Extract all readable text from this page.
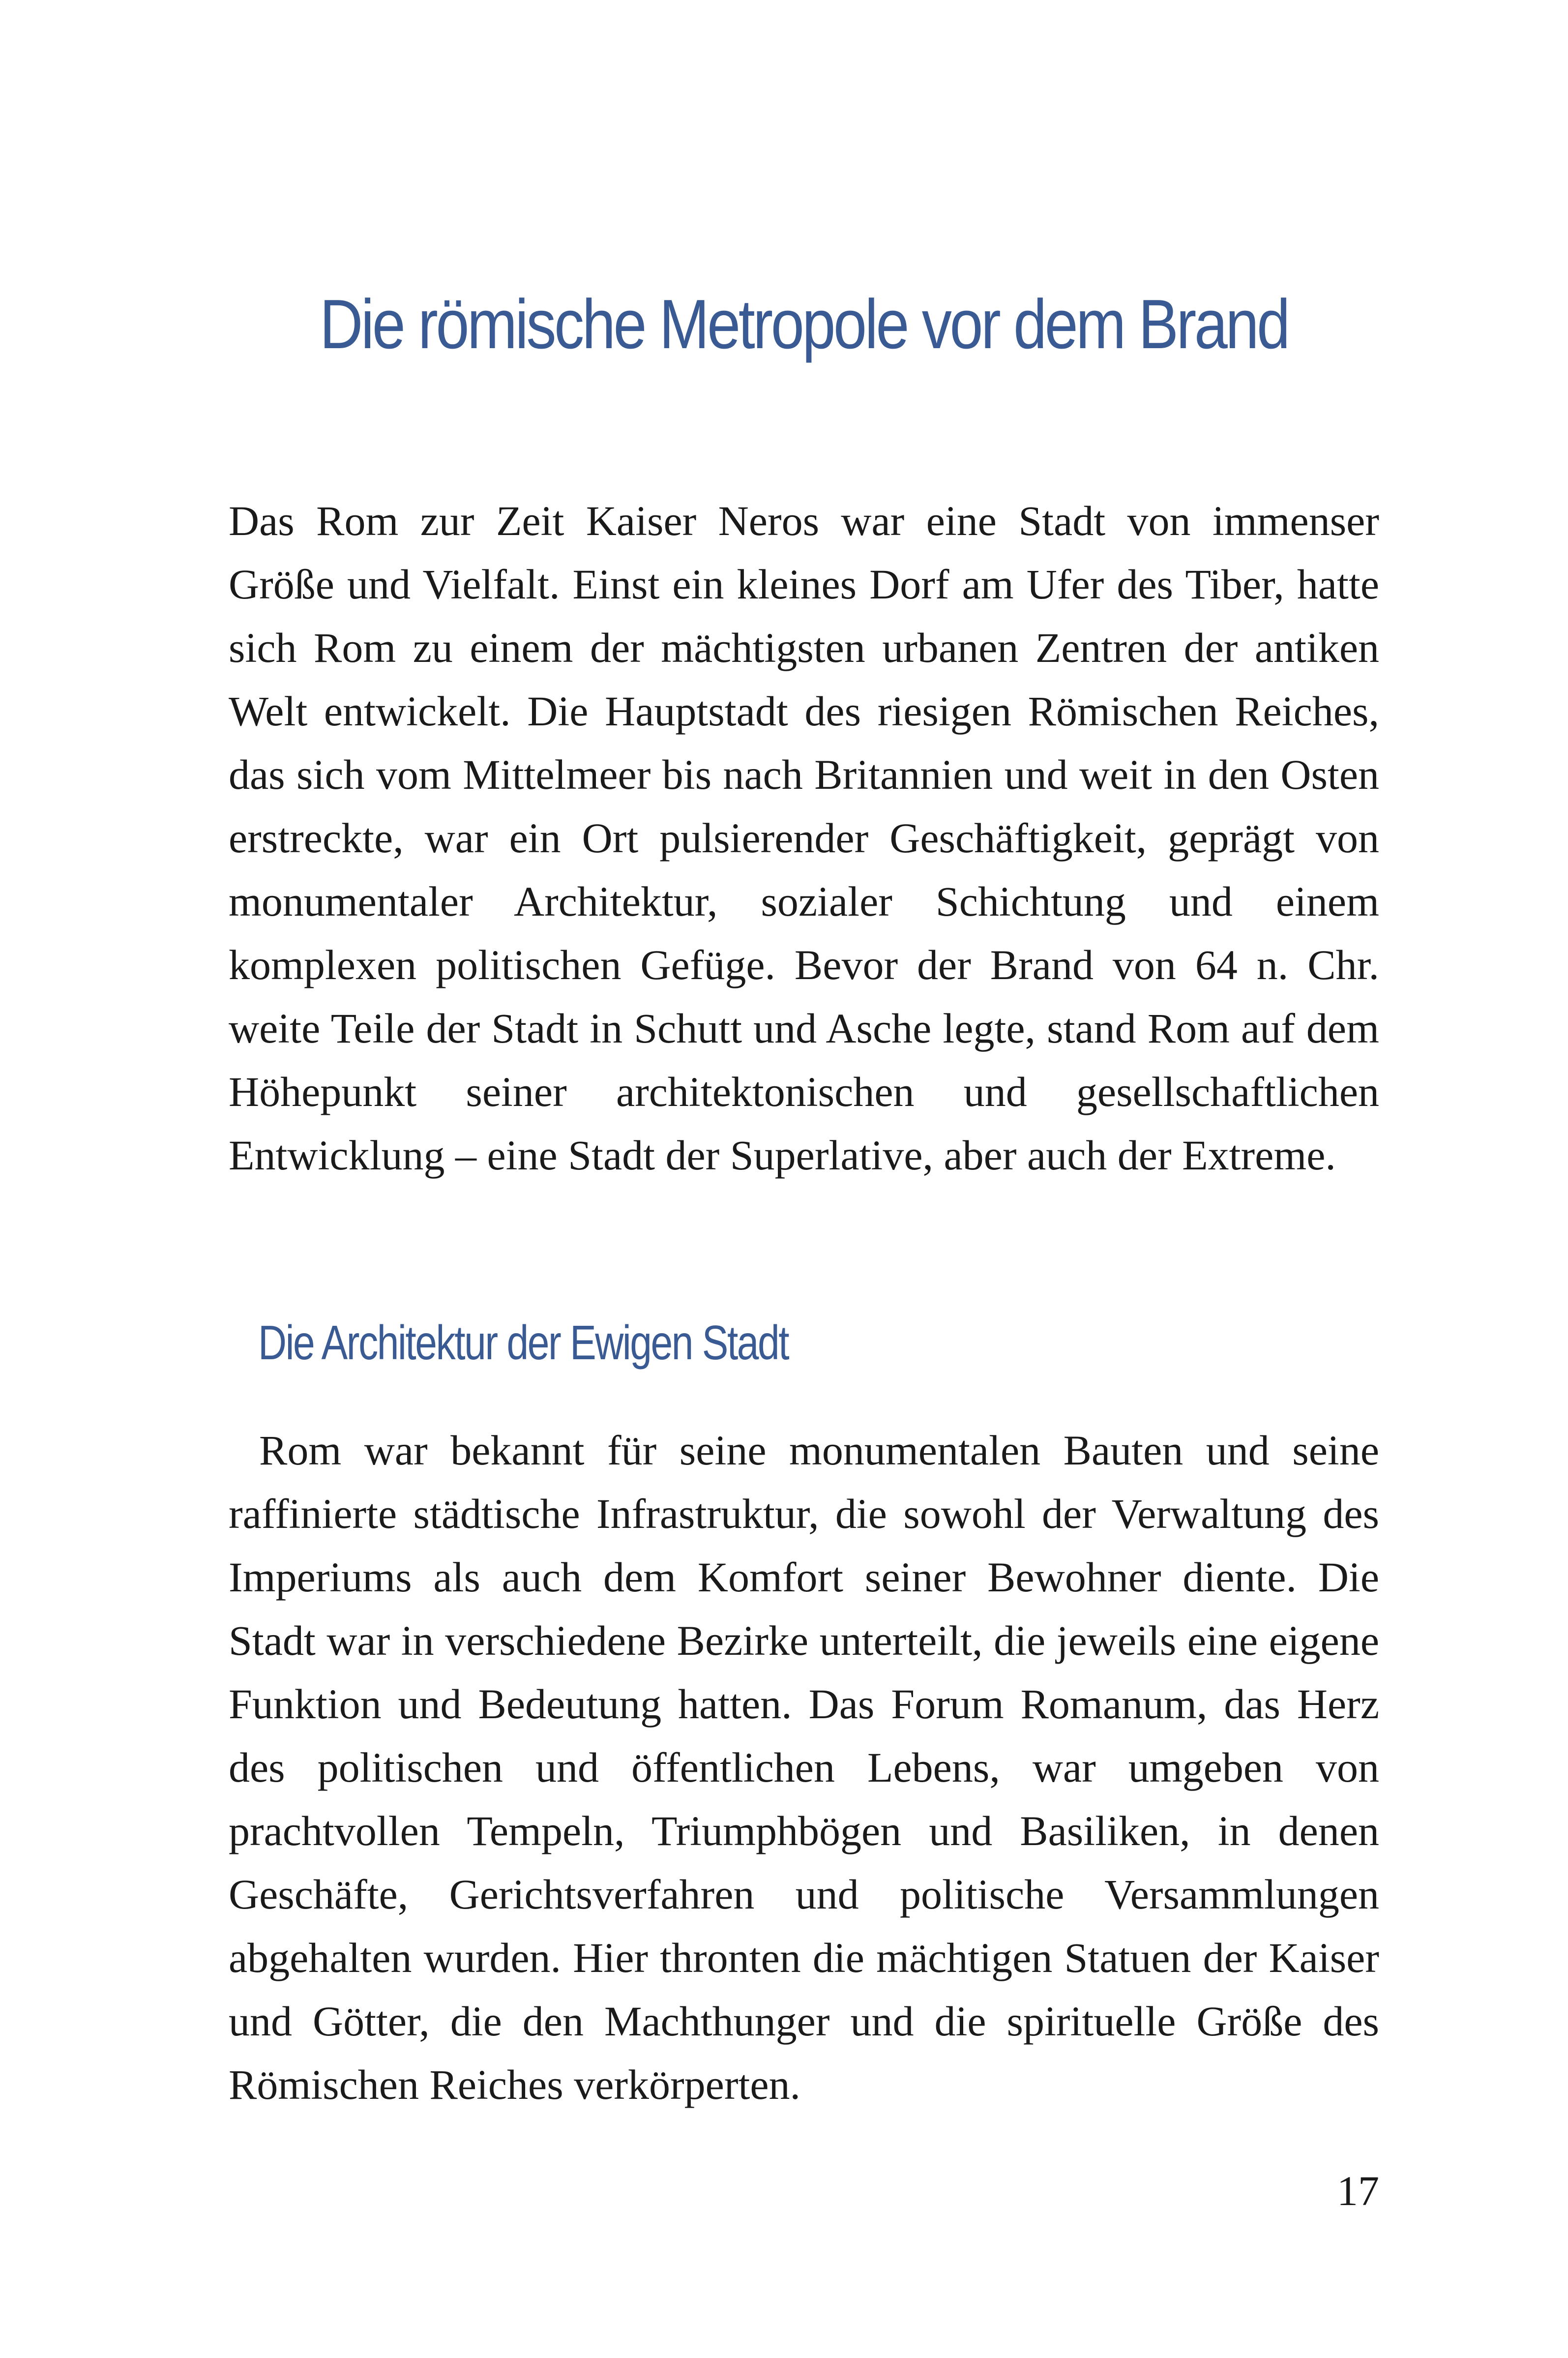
Die römische Metropole vor dem Brand

Das Rom zur Zeit Kaiser Neros war eine Stadt von immenser Größe und Vielfalt. Einst ein kleines Dorf am Ufer des Tiber, hatte sich Rom zu einem der mächtigsten urbanen Zentren der antiken Welt entwickelt. Die Hauptstadt des riesigen Römischen Reiches, das sich vom Mittelmeer bis nach Britannien und weit in den Osten erstreckte, war ein Ort pulsierender Geschäftigkeit, geprägt von monumentaler Architektur, sozialer Schichtung und einem komplexen politischen Gefüge. Bevor der Brand von 64 n. Chr. weite Teile der Stadt in Schutt und Asche legte, stand Rom auf dem Höhepunkt seiner architektonischen und gesellschaftlichen Entwicklung – eine Stadt der Superlative, aber auch der Extreme.

Die Architektur der Ewigen Stadt

Rom war bekannt für seine monumentalen Bauten und seine raffinierte städtische Infrastruktur, die sowohl der Verwaltung des Imperiums als auch dem Komfort seiner Bewohner diente. Die Stadt war in verschiedene Bezirke unterteilt, die jeweils eine eigene Funktion und Bedeutung hatten. Das Forum Romanum, das Herz des politischen und öffentlichen Lebens, war umgeben von prachtvollen Tempeln, Triumphbögen und Basiliken, in denen Geschäfte, Gerichtsverfahren und politische Versammlungen abgehalten wurden. Hier thronten die mächtigen Statuen der Kaiser und Götter, die den Machthunger und die spirituelle Größe des Römischen Reiches verkörperten.

17
